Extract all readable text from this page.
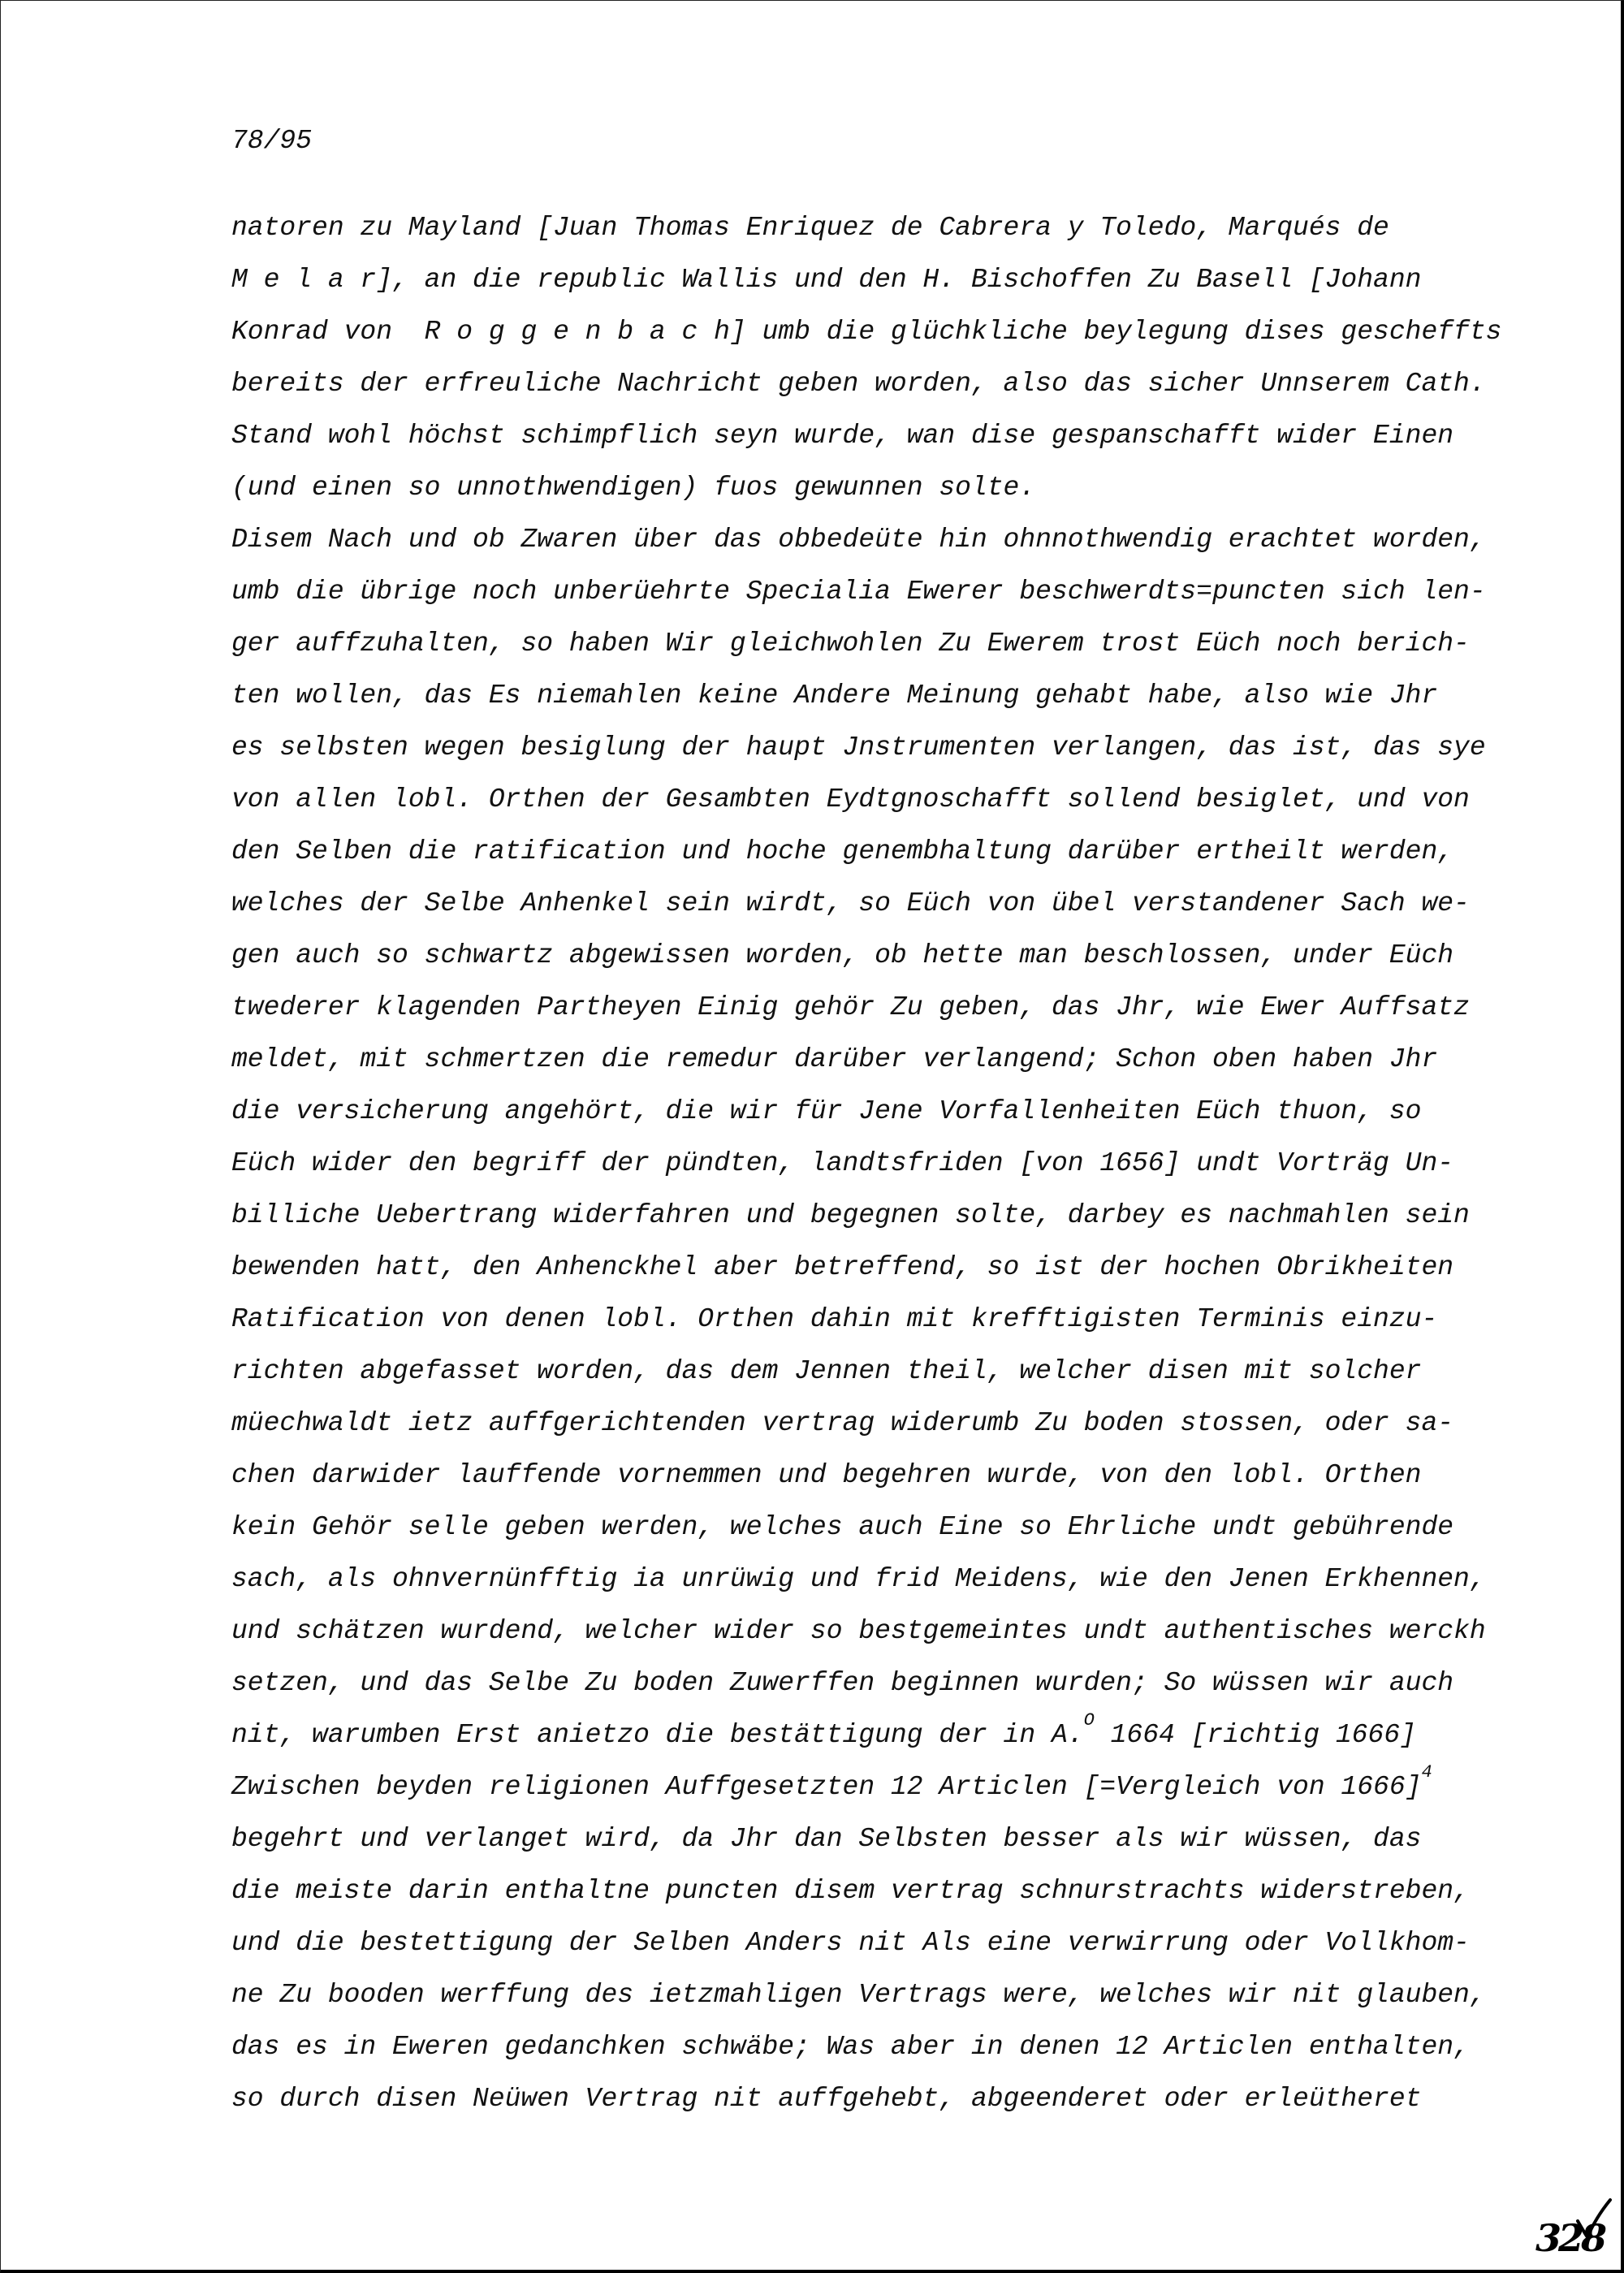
78/95
natoren zu Mayland [Juan Thomas Enriquez de Cabrera y Toledo, Marqués de
M e l a r], an die republic Wallis und den H. Bischoffen Zu Basell [Johann
Konrad von  R o g g e n b a c h] umb die glüchkliche beylegung dises gescheffts
bereits der erfreuliche Nachricht geben worden, also das sicher Unnserem Cath.
Stand wohl höchst schimpflich seyn wurde, wan dise gespanschafft wider Einen
(und einen so unnothwendigen) fuos gewunnen solte.
Disem Nach und ob Zwaren über das obbedeüte hin ohnnothwendig erachtet worden,
umb die übrige noch unberüehrte Specialia Ewerer beschwerdts=puncten sich len-
ger auffzuhalten, so haben Wir gleichwohlen Zu Ewerem trost Eüch noch berich-
ten wollen, das Es niemahlen keine Andere Meinung gehabt habe, also wie Jhr
es selbsten wegen besiglung der haupt Jnstrumenten verlangen, das ist, das sye
von allen lobl. Orthen der Gesambten Eydtgnoschafft sollend besiglet, und von
den Selben die ratification und hoche genembhaltung darüber ertheilt werden,
welches der Selbe Anhenkel sein wirdt, so Eüch von übel verstandener Sach we-
gen auch so schwartz abgewissen worden, ob hette man beschlossen, under Eüch
twederer klagenden Partheyen Einig gehör Zu geben, das Jhr, wie Ewer Auffsatz
meldet, mit schmertzen die remedur darüber verlangend; Schon oben haben Jhr
die versicherung angehört, die wir für Jene Vorfallenheiten Eüch thuon, so
Eüch wider den begriff der pündten, landtsfriden [von 1656] undt Vorträg Un-
billiche Uebertrang widerfahren und begegnen solte, darbey es nachmahlen sein
bewenden hatt, den Anhenckhel aber betreffend, so ist der hochen Obrikheiten
Ratification von denen lobl. Orthen dahin mit krefftigisten Terminis einzu-
richten abgefasset worden, das dem Jennen theil, welcher disen mit solcher
müechwaldt ietz auffgerichtenden vertrag widerumb Zu boden stossen, oder sa-
chen darwider lauffende vornemmen und begehren wurde, von den lobl. Orthen
kein Gehör selle geben werden, welches auch Eine so Ehrliche undt gebührende
sach, als ohnvernünfftig ia unrüwig und frid Meidens, wie den Jenen Erkhennen,
und schätzen wurdend, welcher wider so bestgemeintes undt authentisches werckh
setzen, und das Selbe Zu boden Zuwerffen beginnen wurden; So wüssen wir auch
nit, warumben Erst anietzo die bestättigung der in A.$^O$ 1664 [richtig 1666]
Zwischen beyden religionen Auffgesetzten 12 Articlen [=Vergleich von 1666]$^4$
begehrt und verlanget wird, da Jhr dan Selbsten besser als wir wüssen, das
die meiste darin enthaltne puncten disem vertrag schnurstrachts widerstreben,
und die bestettigung der Selben Anders nit Als eine verwirrung oder Vollkhom-
ne Zu booden werffung des ietzmahligen Vertrags were, welches wir nit glauben,
das es in Eweren gedanchken schwäbe; Was aber in denen 12 Articlen enthalten,
so durch disen Neüwen Vertrag nit auffgehebt, abgeenderet oder erleütheret
328
